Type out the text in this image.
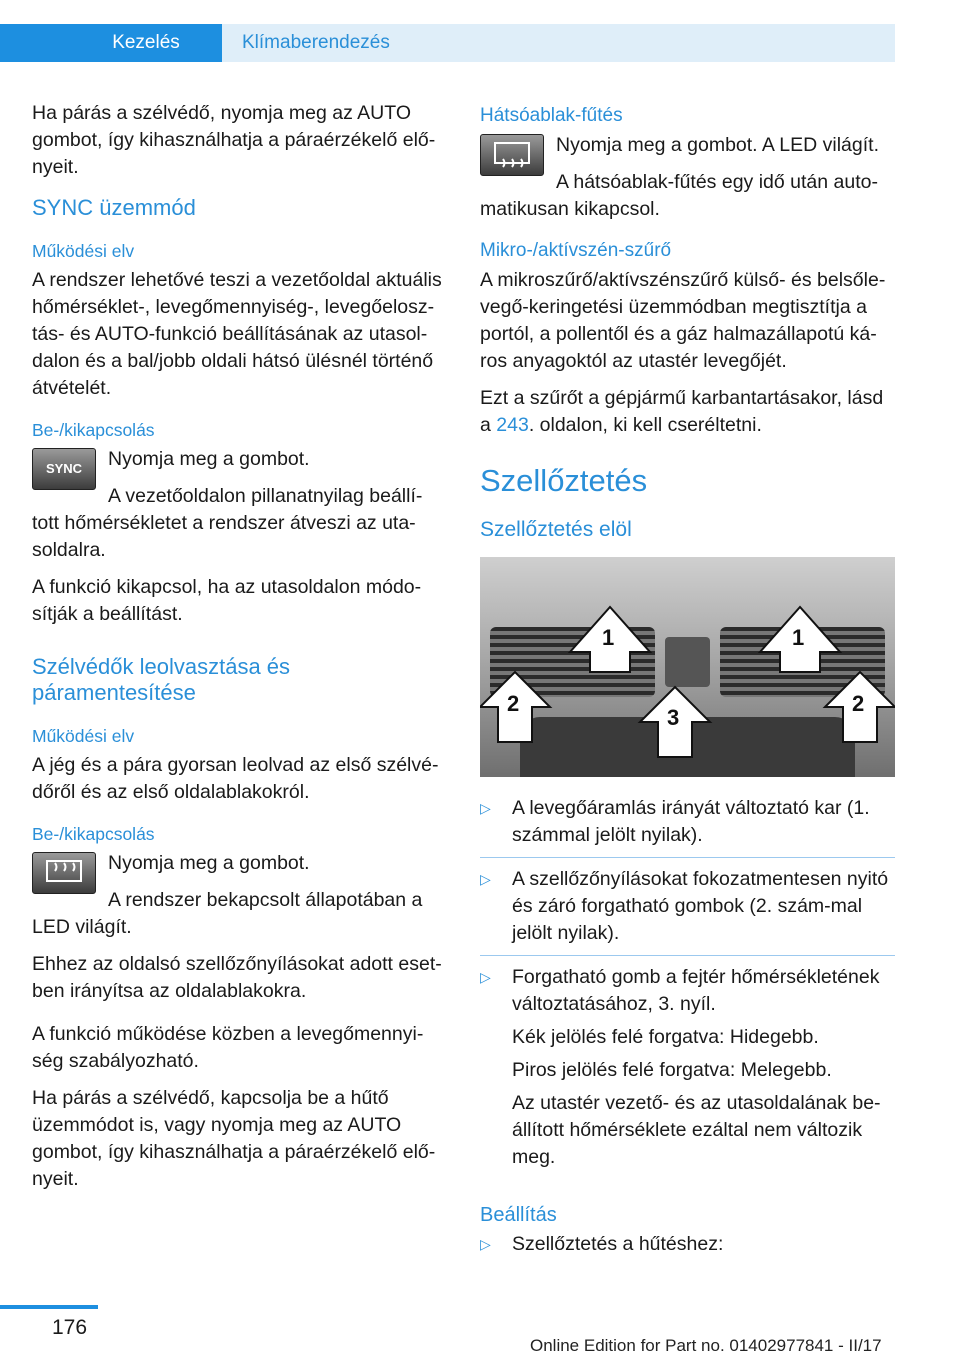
Kezelés	Klímaberendezés

Ha párás a szélvédő, nyomja meg az AUTO gombot, így kihasználhatja a páraérzékelő elő‐nyeit.

SYNC üzemmód
Működési elv

A rendszer lehetővé teszi a vezetőoldal aktuális hőmérséklet-, levegőmennyiség-, levegőelosz‐tás- és AUTO-funkció beállításának az utasol‐dalon és a bal/jobb oldali hátsó ülésnél történő átvételét.

Be-/kikapcsolás
SYNC	Nyomja meg a gombot.

A vezetőoldalon pillanatnyilag beállí‐tott hőmérsékletet a rendszer átveszi az uta‐soldalra.

A funkció kikapcsol, ha az utasoldalon módo‐sítják a beállítást.

Szélvédők leolvasztása és páramentesítése
Működési elv

A jég és a pára gyorsan leolvad az első szélvé‐dőről és az első oldalablakokról.

Be-/kikapcsolás

Nyomja meg a gombot.

A rendszer bekapcsolt állapotában a LED világít.

Ehhez az oldalsó szellőzőnyílásokat adott eset‐ben irányítsa az oldalablakokra.

A funkció működése közben a levegőmennyi‐ség szabályozható.

Ha párás a szélvédő, kapcsolja be a hűtő üzemmódot is, vagy nyomja meg az AUTO gombot, így kihasználhatja a páraérzékelő elő‐nyeit.

Hátsóablak-fűtés

Nyomja meg a gombot. A LED világít.

A hátsóablak-fűtés egy idő után auto‐matikusan kikapcsol.

Mikro-/aktívszén-szűrő

A mikroszűrő/aktívszénszűrő külső- és belsőle‐vegő-keringetési üzemmódban megtisztítja a portól, a pollentől és a gáz halmazállapotú ká‐ros anyagoktól az utastér levegőjét.

Ezt a szűrőt a gépjármű karbantartásakor, lásd a 243. oldalon, ki kell cseréltetni.

Szellőztetés
Szellőztetés elöl
1	1
2
3
2
▷ A levegőáramlás irányát változtató kar (1. számmal jelölt nyilak).
▷ A szellőzőnyílásokat fokozatmentesen nyitó és záró forgatható gombok (2. szám‐mal jelölt nyilak).
▷ Forgatható gomb a fejtér hőmérsékletének változtatásához, 3. nyíl.
Kék jelölés felé forgatva: Hidegebb.
Piros jelölés felé forgatva: Melegebb.
Az utastér vezető- és az utasoldalának be‐állított hőmérséklete ezáltal nem változik meg.
Beállítás
▷ Szellőztetés a hűtéshez:
176
Online Edition for Part no. 01402977841 - II/17
